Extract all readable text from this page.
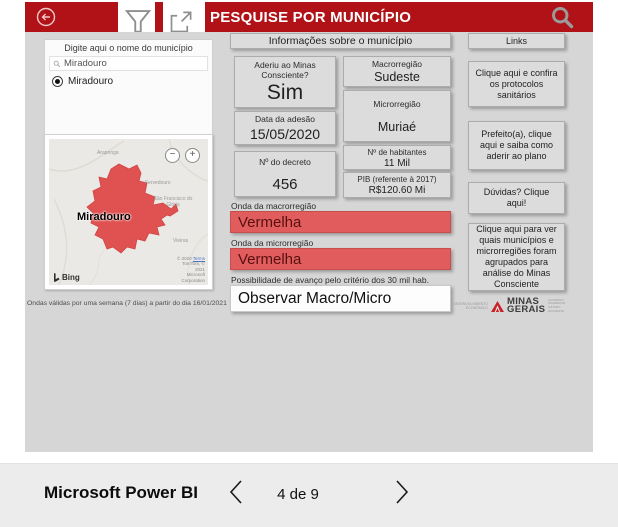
PESQUISE POR MUNICÍPIO
Digite aqui o nome do município
Miradouro
Miradouro
Araponga
Fervedouro
São Francisco do Glória
Vieiras
Miradouro
−	+
Bing
© 2020 Terms
TomTom, ©
2021
Microsoft
Corporation
Ondas válidas por uma semana (7 dias) a partir do dia 16/01/2021
Informações sobre o município
Aderiu ao Minas Consciente?
Sim
Data da adesão
15/05/2020
Nº do decreto
456
Macrorregião
Sudeste
Microrregião
Muriaé
Nº de habitantes
11 Mil
PIB (referente à 2017)
R$120.60 Mi
Onda da macrorregião
Vermelha
Onda da microrregião
Vermelha
Possibilidade de avanço pelo critério dos 30 mil hab.
Observar Macro/Micro
Links
Clique aqui e confira os protocolos sanitários
Prefeito(a), clique aqui e saiba como aderir ao plano
Dúvidas? Clique aqui!
Clique aqui para ver quais municípios e microrregiões foram agrupados para análise do Minas Consciente
DESENVOLVIMENTO ECONÔMICO
MINAS
GERAIS
GOVERNO DIFERENTE ESTADO EFICIENTE
Microsoft Power BI	4 de 9
